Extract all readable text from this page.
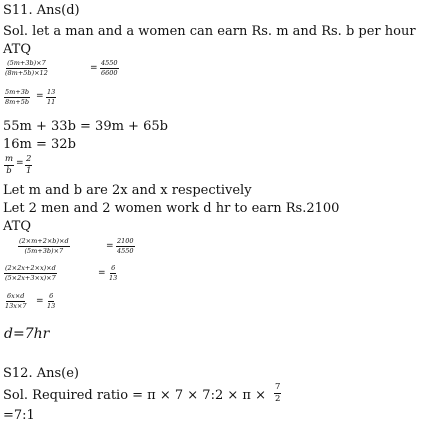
S11. Ans(d)
Sol. let a man and a women can earn Rs. m and Rs. b per hour
ATQ
$\frac{(5m+3b)\times 7}{(8m+5b)\times 12}$	= $\frac{4550}{6600}$
$\frac{5m+3b}{8m+5b} = \frac{13}{11}$
55m + 33b = 39m + 65b
16m = 32b
$\frac{m}{b} = \frac{2}{1}$
Let m and b are 2x and x respectively
Let 2 men and 2 women work d hr to earn Rs.2100
ATQ
$\frac{(2\times m+2\times b)\times d}{(5m+3b)\times 7}$	= $\frac{2100}{4550}$
$\frac{(2\times 2x+2\times x)\times d}{(5\times 2x+3\times x)\times 7}$	= $\frac{6}{13}$
$\frac{6x\times d}{13x\times 7} = \frac{6}{13}$
d=7hr
S12. Ans(e)
Sol. Required ratio = π × 7 × 7:2 × $\pi \times \frac{7}{2}$
=7:1
